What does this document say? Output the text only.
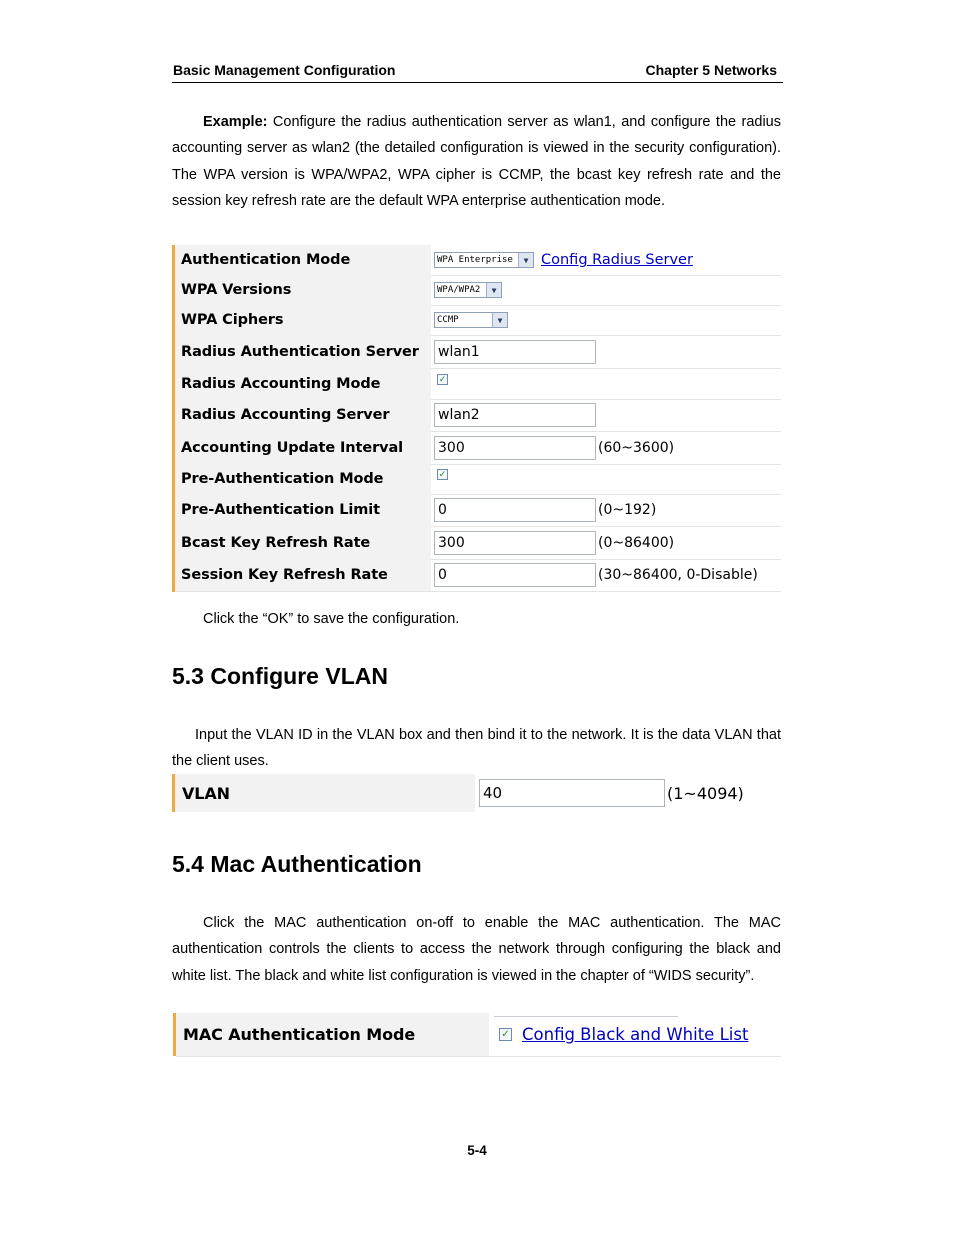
Basic Management Configuration	Chapter 5 Networks
Example: Configure the radius authentication server as wlan1, and configure the radius accounting server as wlan2 (the detailed configuration is viewed in the security configuration). The WPA version is WPA/WPA2, WPA cipher is CCMP, the bcast key refresh rate and the session key refresh rate are the default WPA enterprise authentication mode.
Authentication Mode	WPA Enterprise	▼ Config Radius Server
WPA Versions	WPA/WPA2	▼
WPA Ciphers	CCMP	▼
Radius Authentication Server	wlan1
Radius Accounting Mode	✓
Radius Accounting Server	wlan2
Accounting Update Interval	300	(60~3600)
Pre-Authentication Mode	✓
Pre-Authentication Limit	0	(0~192)
Bcast Key Refresh Rate	300	(0~86400)
Session Key Refresh Rate	0	(30~86400, 0-Disable)
Click the “OK” to save the configuration.
5.3 Configure VLAN
Input the VLAN ID in the VLAN box and then bind it to the network. It is the data VLAN that the client uses.
VLAN	40	(1~4094)
5.4 Mac Authentication
Click the MAC authentication on-off to enable the MAC authentication. The MAC authentication controls the clients to access the network through configuring the black and white list. The black and white list configuration is viewed in the chapter of “WIDS security”.
MAC Authentication Mode	✓ Config Black and White List
5-4
